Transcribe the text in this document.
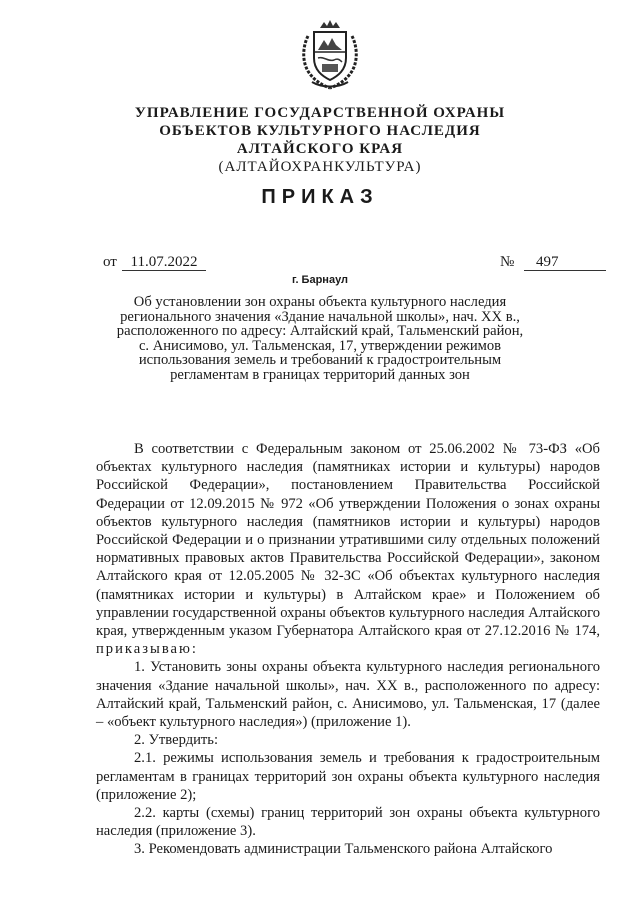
УПРАВЛЕНИЕ ГОСУДАРСТВЕННОЙ ОХРАНЫ
ОБЪЕКТОВ КУЛЬТУРНОГО НАСЛЕДИЯ
АЛТАЙСКОГО КРАЯ
(АЛТАЙОХРАНКУЛЬТУРА)
ПРИКАЗ
от 11.07.2022	№	497
г. Барнаул
Об установлении зон охраны объекта культурного наследия регионального значения «Здание начальной школы», нач. XX в., расположенного по адресу: Алтайский край, Тальменский район, с. Анисимово, ул. Тальменская, 17, утверждении режимов использования земель и требований к градостроительным регламентам в границах территорий данных зон

В соответствии с Федеральным законом от 25.06.2002 № 73-ФЗ «Об объектах культурного наследия (памятниках истории и культуры) народов Российской Федерации», постановлением Правительства Российской Федерации от 12.09.2015 № 972 «Об утверждении Положения о зонах охраны объектов культурного наследия (памятников истории и культуры) народов Российской Федерации и о признании утратившими силу отдельных положений нормативных правовых актов Правительства Российской Федерации», законом Алтайского края от 12.05.2005 № 32-ЗС «Об объектах культурного наследия (памятниках истории и культуры) в Алтайском крае» и Положением об управлении государственной охраны объектов культурного наследия Алтайского края, утвержденным указом Губернатора Алтайского края от 27.12.2016 № 174, приказываю:

1. Установить зоны охраны объекта культурного наследия регионального значения «Здание начальной школы», нач. XX в., расположенного по адресу: Алтайский край, Тальменский район, с. Анисимово, ул. Тальменская, 17 (далее – «объект культурного наследия») (приложение 1).

2. Утвердить:

2.1. режимы использования земель и требования к градостроительным регламентам в границах территорий зон охраны объекта культурного наследия (приложение 2);

2.2. карты (схемы) границ территорий зон охраны объекта культурного наследия (приложение 3).

3. Рекомендовать администрации Тальменского района Алтайского
